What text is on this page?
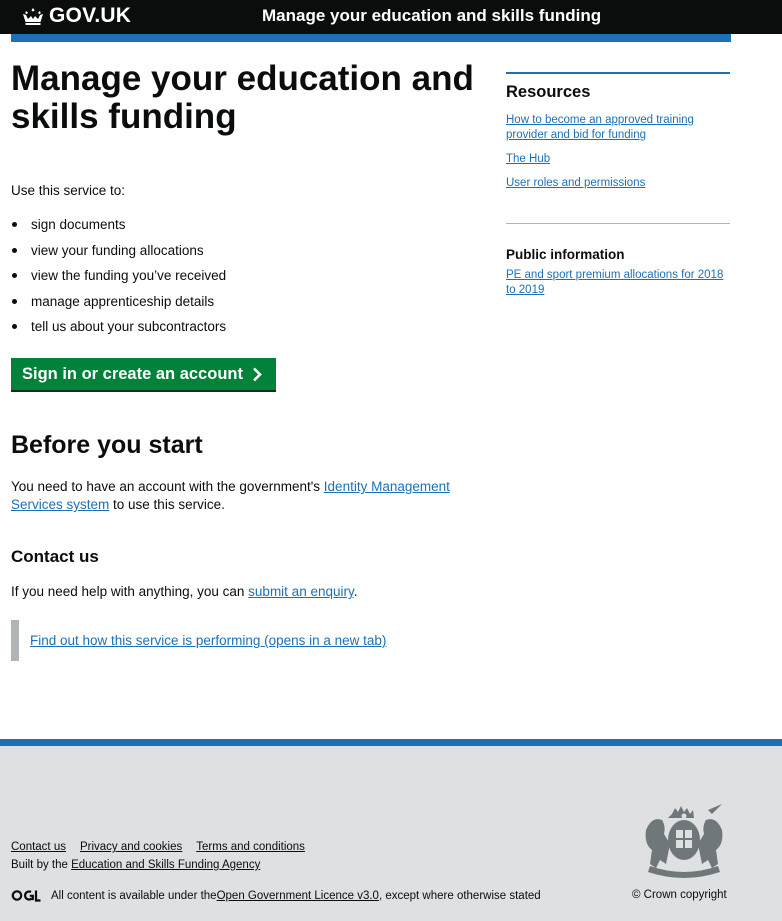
GOV.UK	Manage your education and skills funding
Manage your education and skills funding

Use this service to:

sign documents
view your funding allocations
view the funding you’ve received
manage apprenticeship details
tell us about your subcontractors
Sign in or create an account
Before you start

You need to have an account with the government's Identity Management Services system to use this service.

Contact us

If you need help with anything, you can submit an enquiry.

Find out how this service is performing (opens in a new tab)
Resources
How to become an approved training provider and bid for funding
The Hub
User roles and permissions
Public information
PE and sport premium allocations for 2018 to 2019
Contact us Privacy and cookies Terms and conditions

Built by the Education and Skills Funding Agency

All content is available under the Open Government Licence v3.0 , except where otherwise stated	© Crown copyright
